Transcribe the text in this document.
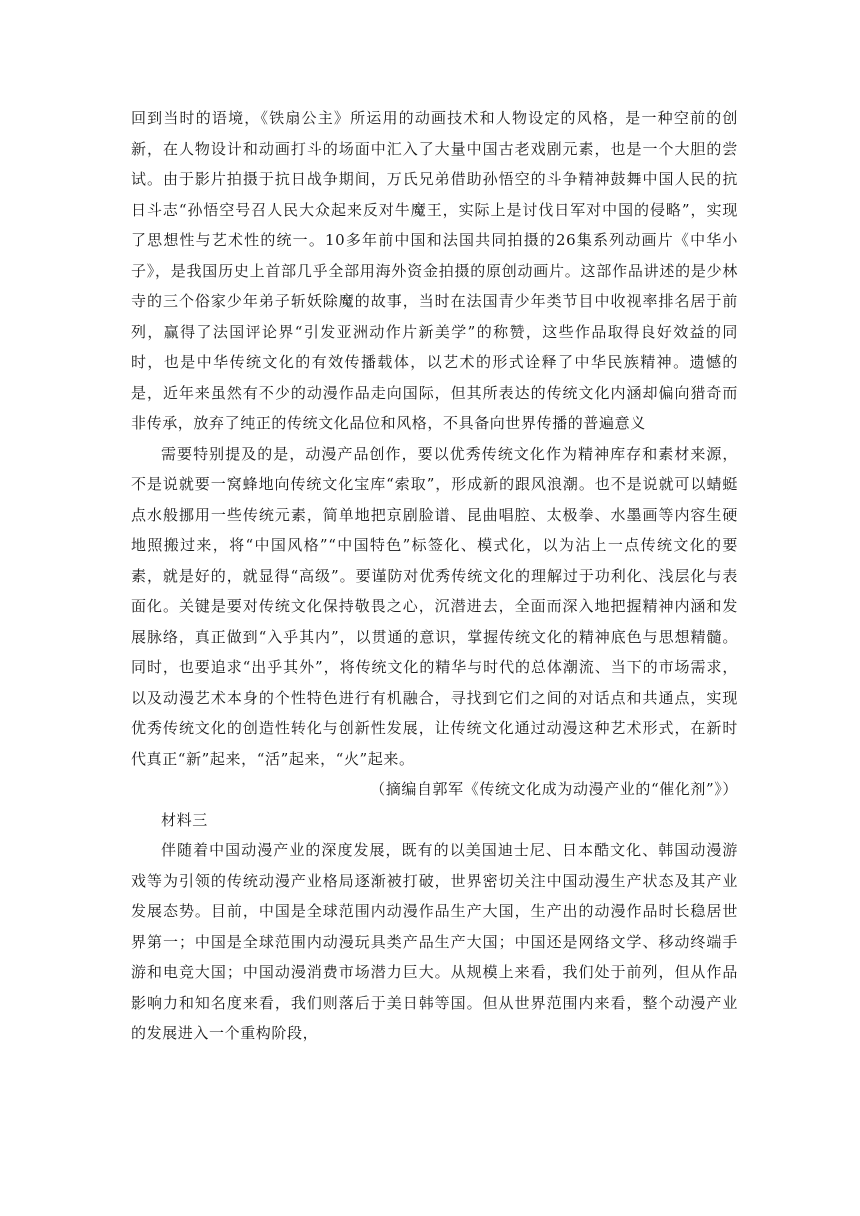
回到当时的语境，《铁扇公主》所运用的动画技术和人物设定的风格，是一种空前的创新，在人物设计和动画打斗的场面中汇入了大量中国古老戏剧元素，也是一个大胆的尝试。由于影片拍摄于抗日战争期间，万氏兄弟借助孙悟空的斗争精神鼓舞中国人民的抗日斗志“孙悟空号召人民大众起来反对牛魔王，实际上是讨伐日军对中国的侵略”，实现了思想性与艺术性的统一。10多年前中国和法国共同拍摄的26集系列动画片《中华小子》，是我国历史上首部几乎全部用海外资金拍摄的原创动画片。这部作品讲述的是少林寺的三个俗家少年弟子斩妖除魔的故事，当时在法国青少年类节目中收视率排名居于前列，赢得了法国评论界“引发亚洲动作片新美学”的称赞，这些作品取得良好效益的同时，也是中华传统文化的有效传播载体，以艺术的形式诠释了中华民族精神。遗憾的是，近年来虽然有不少的动漫作品走向国际，但其所表达的传统文化内涵却偏向猎奇而非传承，放弃了纯正的传统文化品位和风格，不具备向世界传播的普遍意义

需要特别提及的是，动漫产品创作，要以优秀传统文化作为精神库存和素材来源，不是说就要一窝蜂地向传统文化宝库“索取”，形成新的跟风浪潮。也不是说就可以蜻蜓点水般挪用一些传统元素，简单地把京剧脸谱、昆曲唱腔、太极拳、水墨画等内容生硬地照搬过来，将“中国风格”“中国特色”标签化、模式化，以为沾上一点传统文化的要素，就是好的，就显得“高级”。要谨防对优秀传统文化的理解过于功利化、浅层化与表面化。关键是要对传统文化保持敬畏之心，沉潜进去，全面而深入地把握精神内涵和发展脉络，真正做到“入乎其内”，以贯通的意识，掌握传统文化的精神底色与思想精髓。同时，也要追求“出乎其外”，将传统文化的精华与时代的总体潮流、当下的市场需求，以及动漫艺术本身的个性特色进行有机融合，寻找到它们之间的对话点和共通点，实现优秀传统文化的创造性转化与创新性发展，让传统文化通过动漫这种艺术形式，在新时代真正“新”起来，“活”起来，“火”起来。

（摘编自郭军《传统文化成为动漫产业的“催化剂”》）

材料三

伴随着中国动漫产业的深度发展，既有的以美国迪士尼、日本酷文化、韩国动漫游戏等为引领的传统动漫产业格局逐渐被打破，世界密切关注中国动漫生产状态及其产业发展态势。目前，中国是全球范围内动漫作品生产大国，生产出的动漫作品时长稳居世界第一；中国是全球范围内动漫玩具类产品生产大国；中国还是网络文学、移动终端手游和电竞大国；中国动漫消费市场潜力巨大。从规模上来看，我们处于前列，但从作品影响力和知名度来看，我们则落后于美日韩等国。但从世界范围内来看，整个动漫产业的发展进入一个重构阶段，
